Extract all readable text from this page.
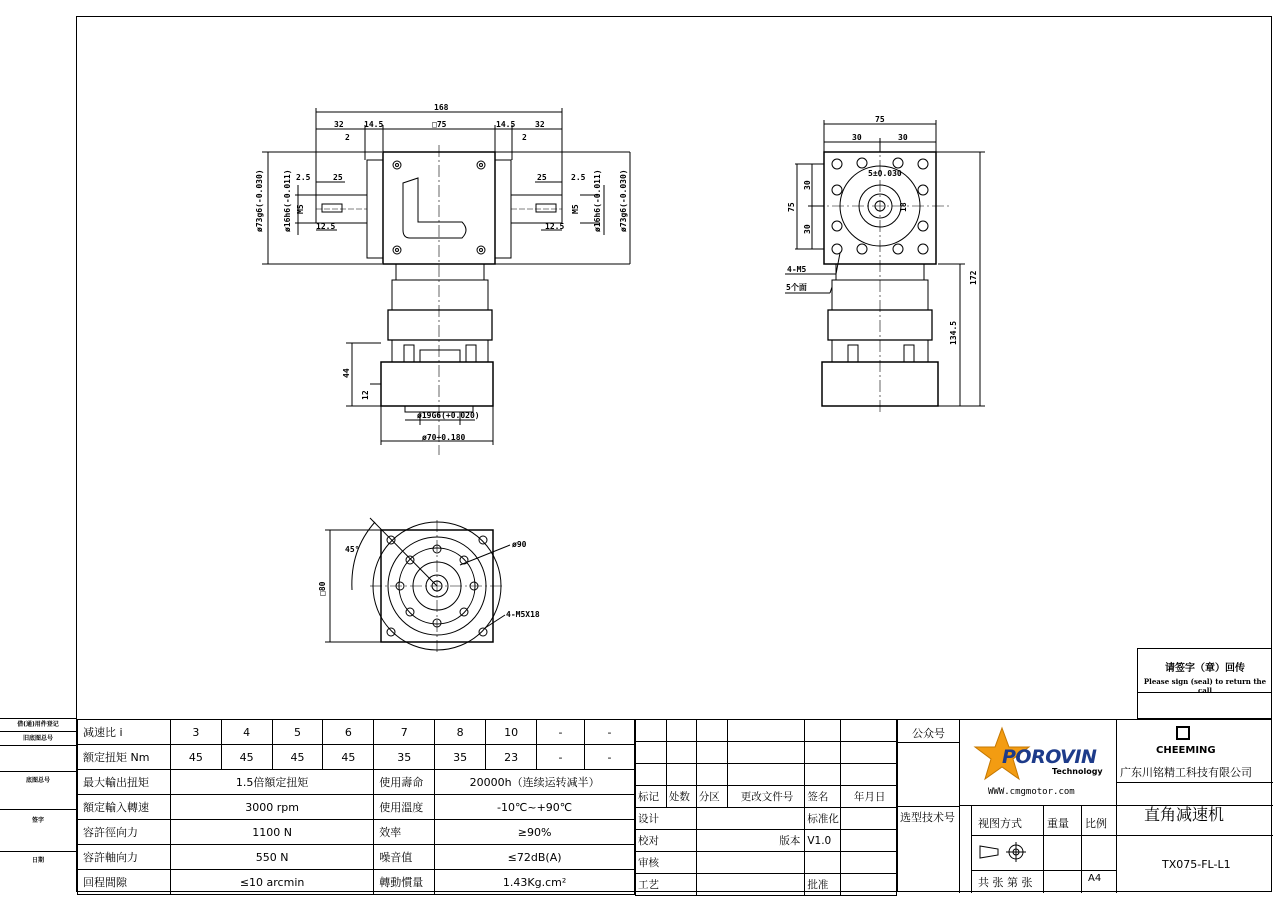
借(通)用件登记
旧底图总号
底图总号
签字
日期
168
32	14.5	□75	14.5 32
2	2
25	25
2.5	2.5
12.5	12.5
ø73g6(-0.030) ø16h6(-0.011) M5	M5 ø16h6(-0.011) ø73g6(-0.030)
44
12
ø19G6(+0.020)
ø70+0.180
75
30	30
30
30
75
5±0.030
18
4-M5
5个面
134.5
172
45°
ø90
□80
4-M5X18
请签字（章）回传
Please sign (seal) to return the call
减速比 i	3	4	5	6	7	8	10	-	-
额定扭矩 Nm	45	45	45	45	35	35	23	-	-
最大輸出扭矩	1.5倍額定扭矩				使用壽命	20000h（连续运转减半）			
額定輸入轉速	3000 rpm				使用溫度	-10℃~+90℃			
容許徑向力	1100 N				效率	≥90%			
容許軸向力	550 N				噪音值	≤72dB(A)			
回程間隙	≤10 arcmin				轉動慣量	1.43Kg.cm²			

标记	处数	分区	更改文件号	签名	年月日
设计				标准化	
校对		版本		V1.0	
审核					
工艺				批准	
公众号
选型技术号
POROVIN
Technology
WWW.cmgmotor.com
CHEEMING
广东川铭精工科技有限公司
直角减速机
TX075-FL-L1
视图方式 重量 比例
共 张 第 张	A4
